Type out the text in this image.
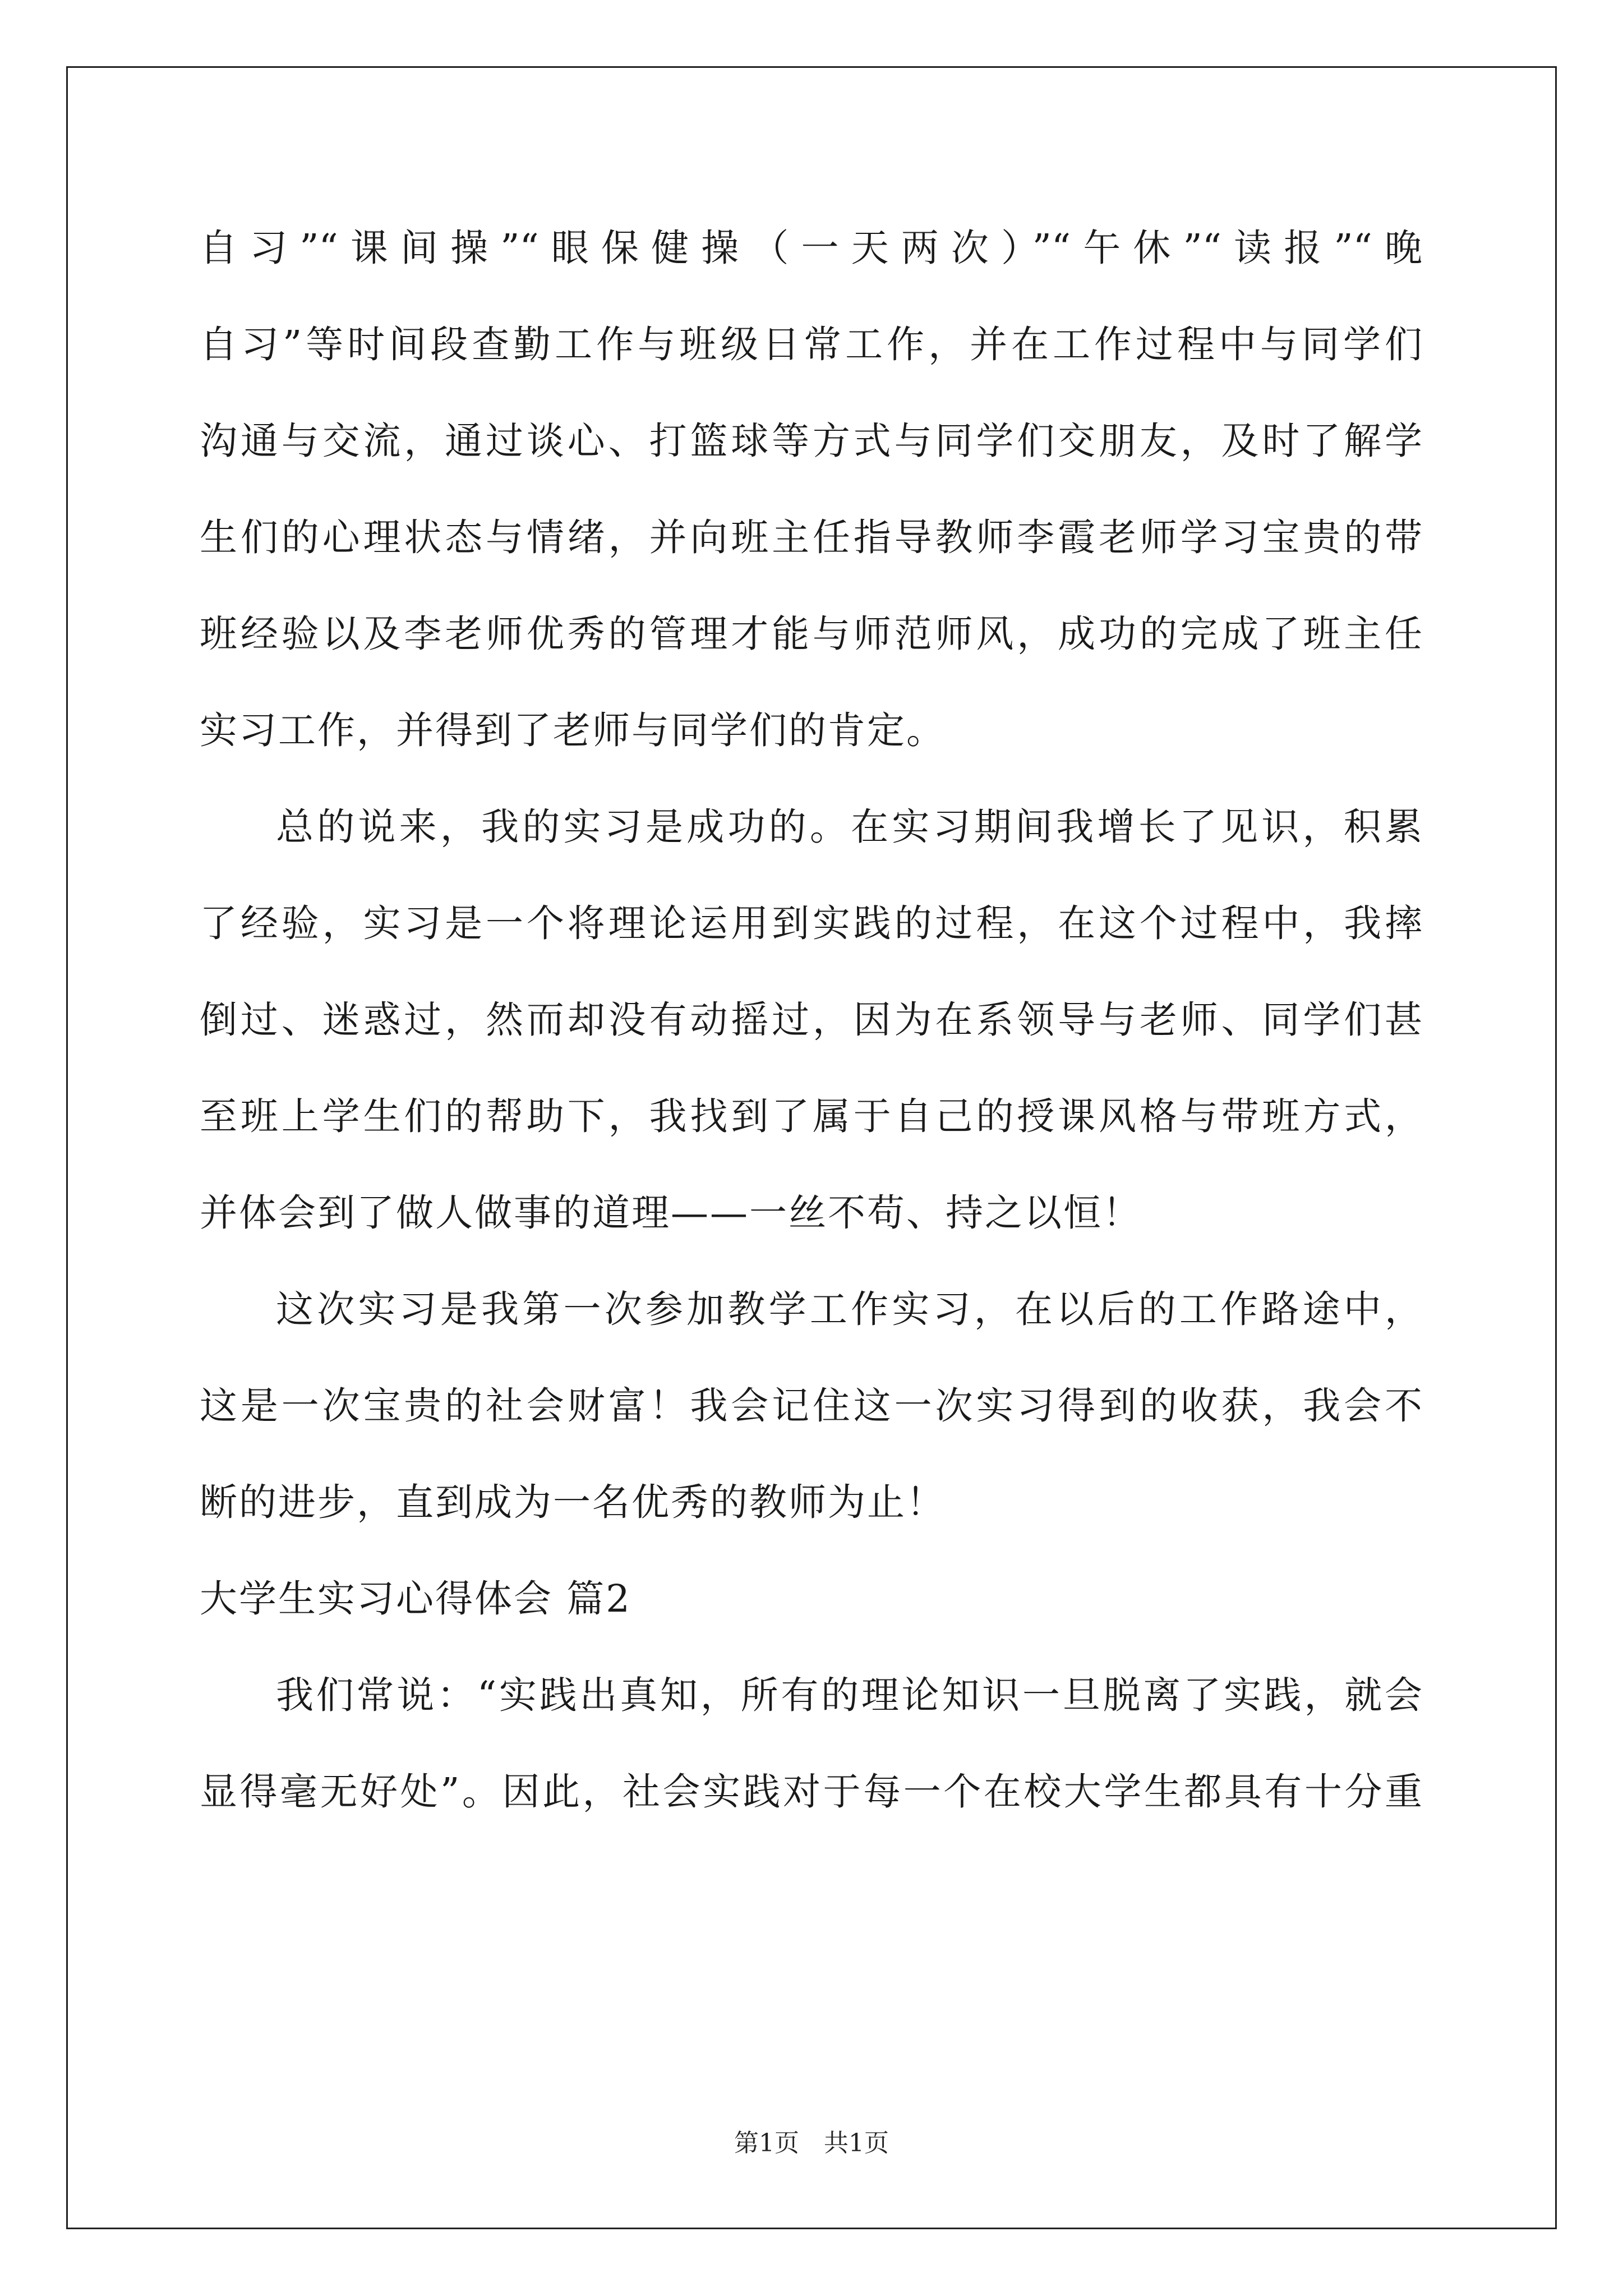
自习”“课间操”“眼保健操（一天两次）”“午休”“读报”“晚
自习”等时间段查勤工作与班级日常工作，并在工作过程中与同学们
沟通与交流，通过谈心、打篮球等方式与同学们交朋友，及时了解学
生们的心理状态与情绪，并向班主任指导教师李霞老师学习宝贵的带
班经验以及李老师优秀的管理才能与师范师风，成功的完成了班主任
实习工作，并得到了老师与同学们的肯定。
总的说来，我的实习是成功的。在实习期间我增长了见识，积累
了经验，实习是一个将理论运用到实践的过程，在这个过程中，我摔
倒过、迷惑过，然而却没有动摇过，因为在系领导与老师、同学们甚
至班上学生们的帮助下，我找到了属于自己的授课风格与带班方式，
并体会到了做人做事的道理——一丝不苟、持之以恒！
这次实习是我第一次参加教学工作实习，在以后的工作路途中，
这是一次宝贵的社会财富！我会记住这一次实习得到的收获，我会不
断的进步，直到成为一名优秀的教师为止！
大学生实习心得体会 篇2
我们常说：“实践出真知，所有的理论知识一旦脱离了实践，就会
显得毫无好处”。因此，社会实践对于每一个在校大学生都具有十分重
第1页　共1页
